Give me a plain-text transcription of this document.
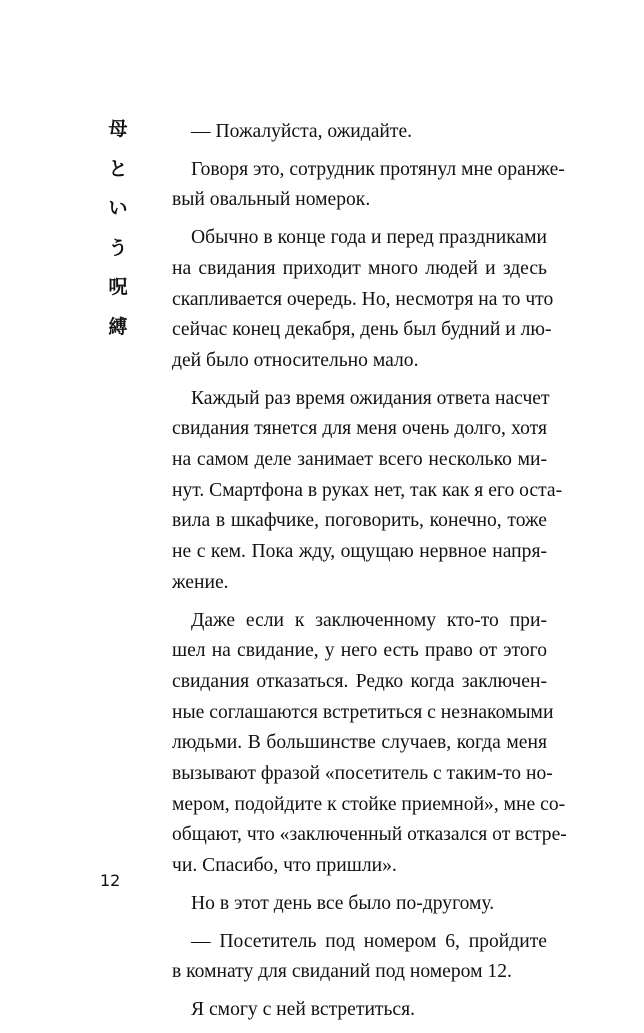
母
と
い
う
呪
縛

— Пожалуйста, ожидайте.

Говоря это, сотрудник протянул мне оранже-
вый овальный номерок.

Обычно в конце года и перед праздниками
на свидания приходит много людей и здесь
скапливается очередь. Но, несмотря на то что
сейчас конец декабря, день был будний и лю-
дей было относительно мало.

Каждый раз время ожидания ответа насчет
свидания тянется для меня очень долго, хотя
на самом деле занимает всего несколько ми-
нут. Смартфона в руках нет, так как я его оста-
вила в шкафчике, поговорить, конечно, тоже
не с кем. Пока жду, ощущаю нервное напря-
жение.

Даже если к заключенному кто-то при-
шел на свидание, у него есть право от этого
свидания отказаться. Редко когда заключен-
ные соглашаются встретиться с незнакомыми
людьми. В большинстве случаев, когда меня
вызывают фразой «посетитель с таким-то но-
мером, подойдите к стойке приемной», мне со-
общают, что «заключенный отказался от встре-
чи. Спасибо, что пришли».

Но в этот день все было по-другому.

— Посетитель под номером 6, пройдите
в комнату для свиданий под номером 12.

Я смогу с ней встретиться.

12
